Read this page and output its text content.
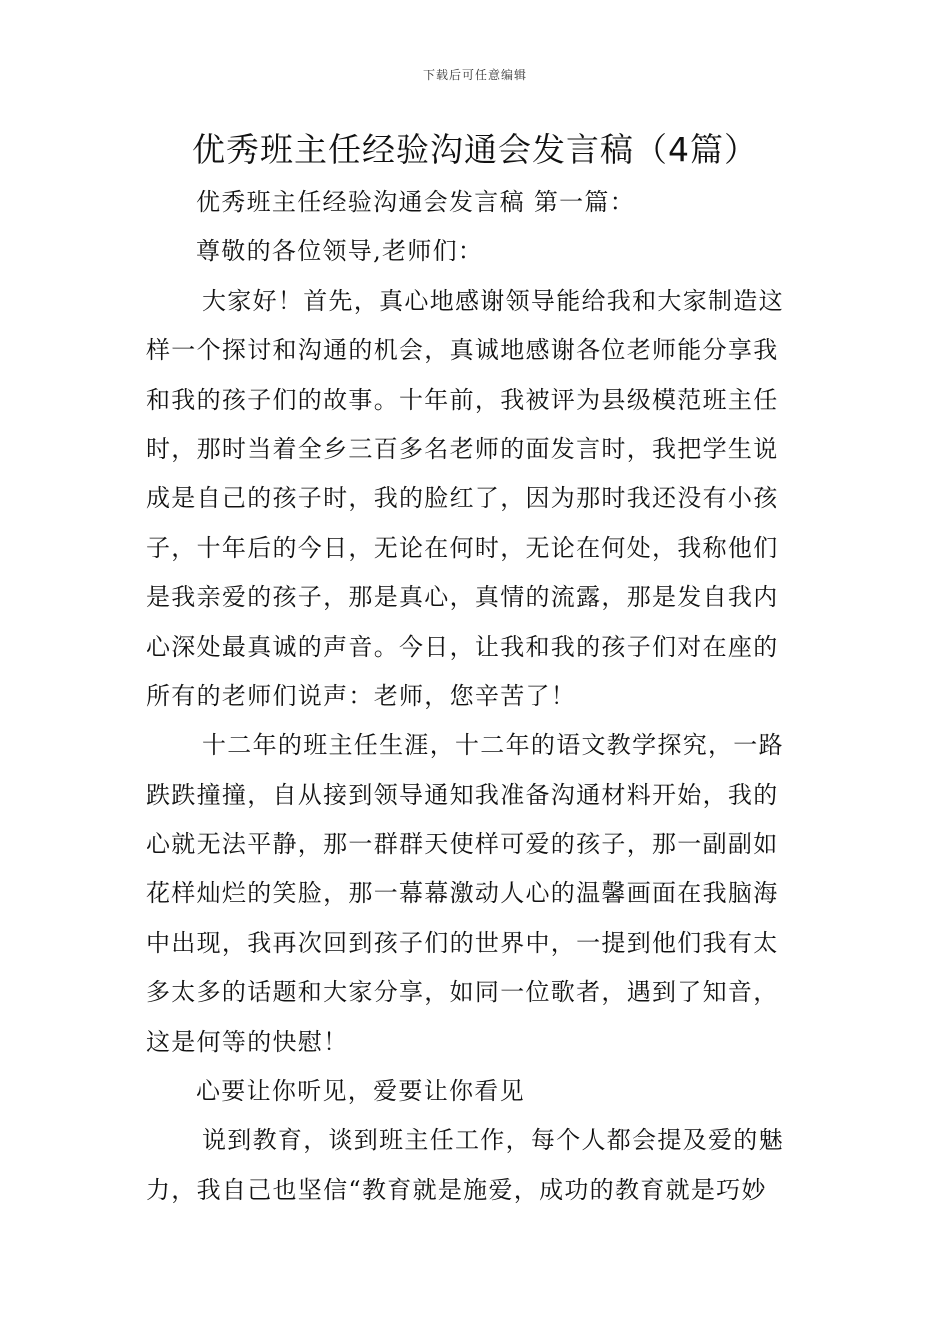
下载后可任意编辑
优秀班主任经验沟通会发言稿（4篇）
优秀班主任经验沟通会发言稿 第一篇：
尊敬的各位领导,老师们：
大家好！首先，真心地感谢领导能给我和大家制造这
样一个探讨和沟通的机会，真诚地感谢各位老师能分享我
和我的孩子们的故事。十年前，我被评为县级模范班主任
时，那时当着全乡三百多名老师的面发言时，我把学生说
成是自己的孩子时，我的脸红了，因为那时我还没有小孩
子，十年后的今日，无论在何时，无论在何处，我称他们
是我亲爱的孩子，那是真心，真情的流露，那是发自我内
心深处最真诚的声音。今日，让我和我的孩子们对在座的
所有的老师们说声：老师，您辛苦了！
十二年的班主任生涯，十二年的语文教学探究，一路
跌跌撞撞，自从接到领导通知我准备沟通材料开始，我的
心就无法平静，那一群群天使样可爱的孩子，那一副副如
花样灿烂的笑脸，那一幕幕激动人心的温馨画面在我脑海
中出现，我再次回到孩子们的世界中，一提到他们我有太
多太多的话题和大家分享，如同一位歌者，遇到了知音，
这是何等的快慰！
心要让你听见，爱要让你看见
说到教育，谈到班主任工作，每个人都会提及爱的魅
力，我自己也坚信“教育就是施爱，成功的教育就是巧妙
